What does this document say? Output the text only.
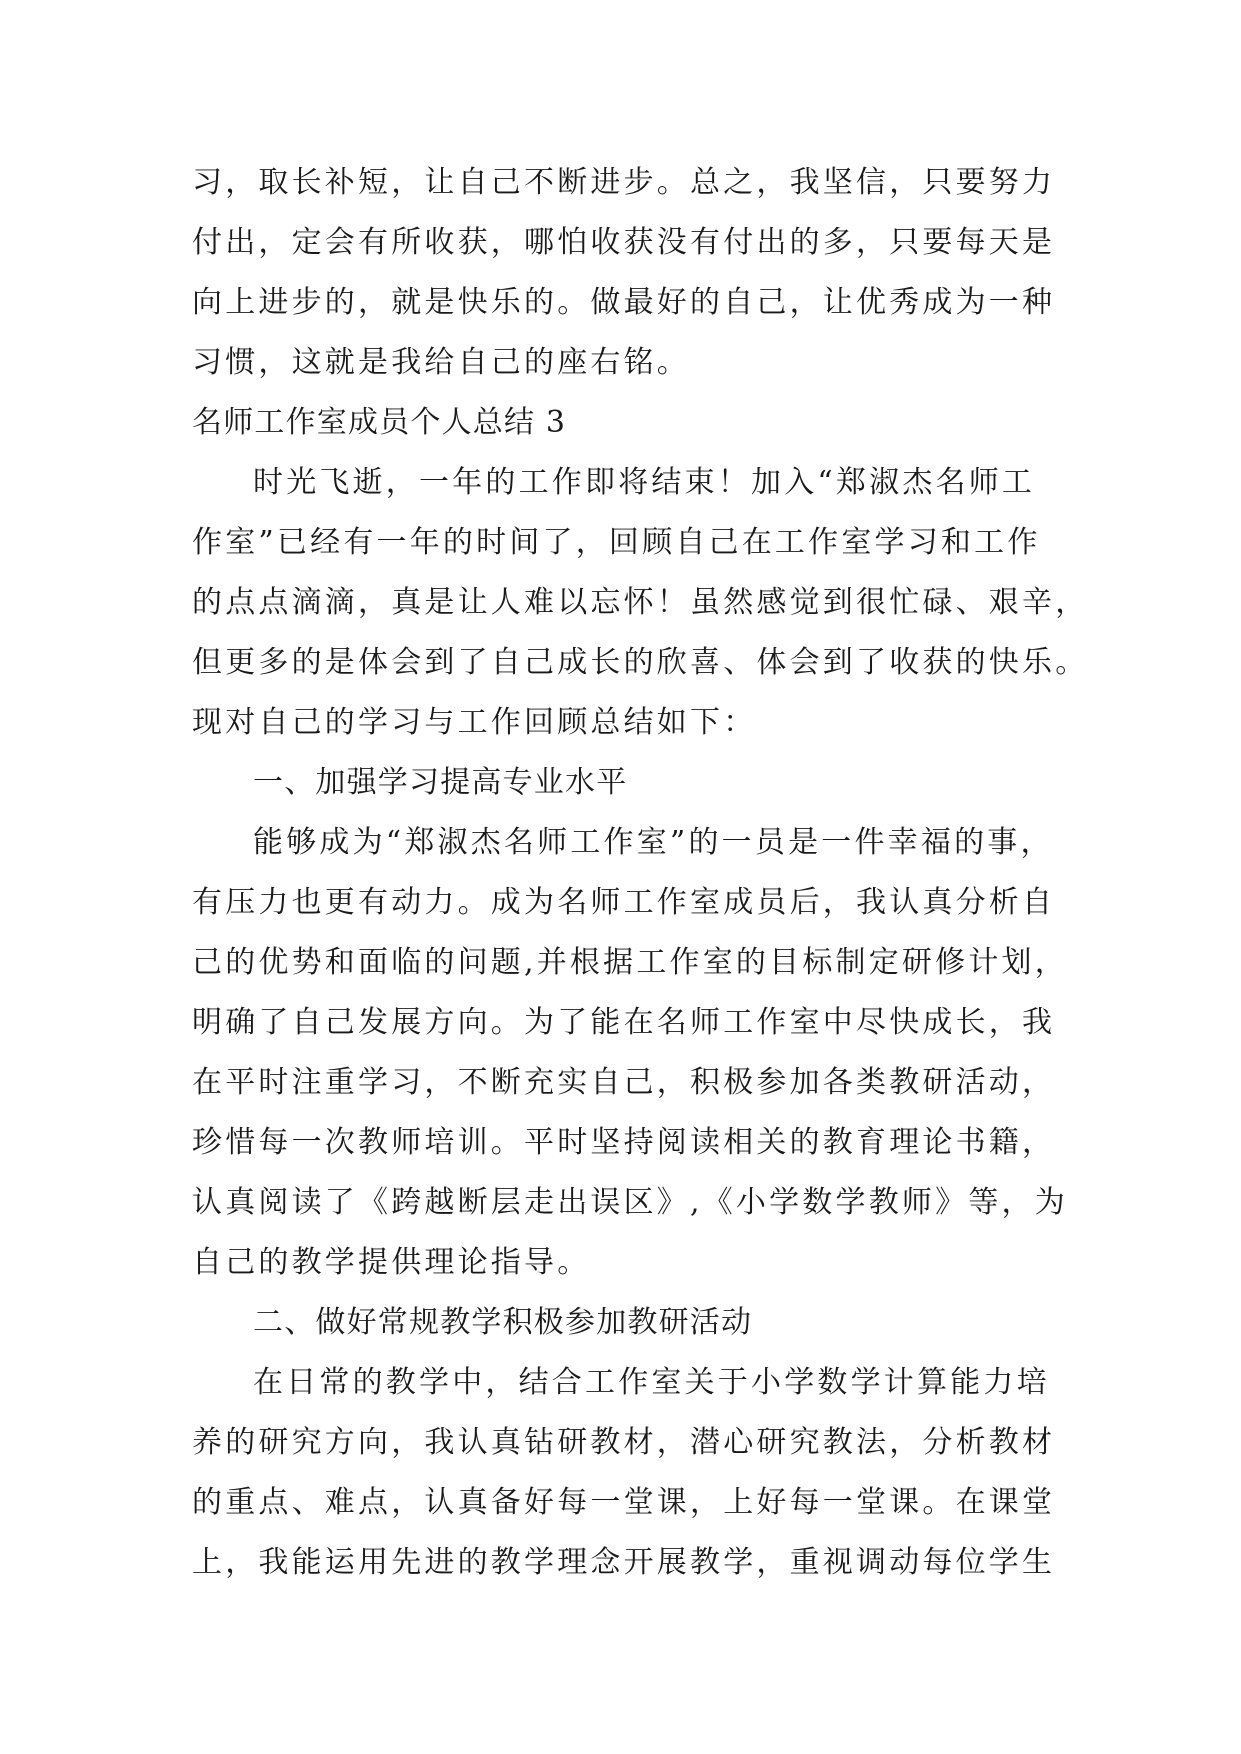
习，取长补短，让自己不断进步。总之，我坚信，只要努力
付出，定会有所收获，哪怕收获没有付出的多，只要每天是
向上进步的，就是快乐的。做最好的自己，让优秀成为一种
习惯，这就是我给自己的座右铭。
名师工作室成员个人总结 3
时光飞逝，一年的工作即将结束！加入“郑淑杰名师工
作室”已经有一年的时间了，回顾自己在工作室学习和工作
的点点滴滴，真是让人难以忘怀！虽然感觉到很忙碌、艰辛，
但更多的是体会到了自己成长的欣喜、体会到了收获的快乐。
现对自己的学习与工作回顾总结如下：
一、加强学习提高专业水平
能够成为“郑淑杰名师工作室”的一员是一件幸福的事，
有压力也更有动力。成为名师工作室成员后，我认真分析自
己的优势和面临的问题,并根据工作室的目标制定研修计划，
明确了自己发展方向。为了能在名师工作室中尽快成长，我
在平时注重学习，不断充实自己，积极参加各类教研活动，
珍惜每一次教师培训。平时坚持阅读相关的教育理论书籍，
认真阅读了《跨越断层走出误区》,《小学数学教师》等，为
自己的教学提供理论指导。
二、做好常规教学积极参加教研活动
在日常的教学中，结合工作室关于小学数学计算能力培
养的研究方向，我认真钻研教材，潜心研究教法，分析教材
的重点、难点，认真备好每一堂课，上好每一堂课。在课堂
上，我能运用先进的教学理念开展教学，重视调动每位学生
